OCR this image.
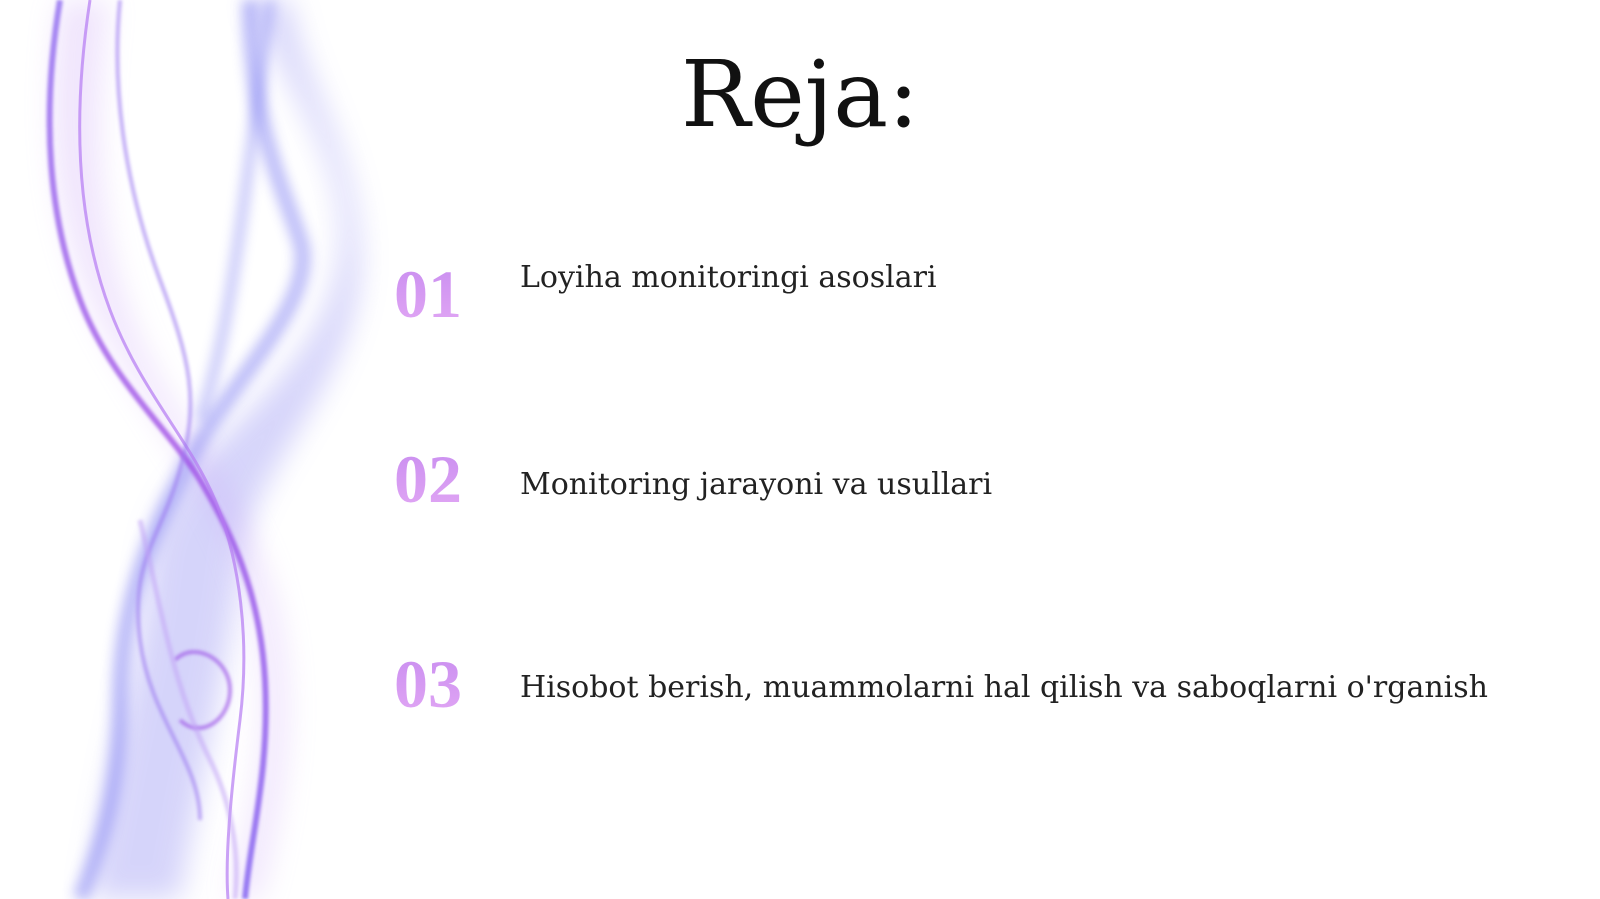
Reja:
01	Loyiha monitoringi asoslari
02	Monitoring jarayoni va usullari
03	Hisobot berish, muammolarni hal qilish va saboqlarni o'rganish
